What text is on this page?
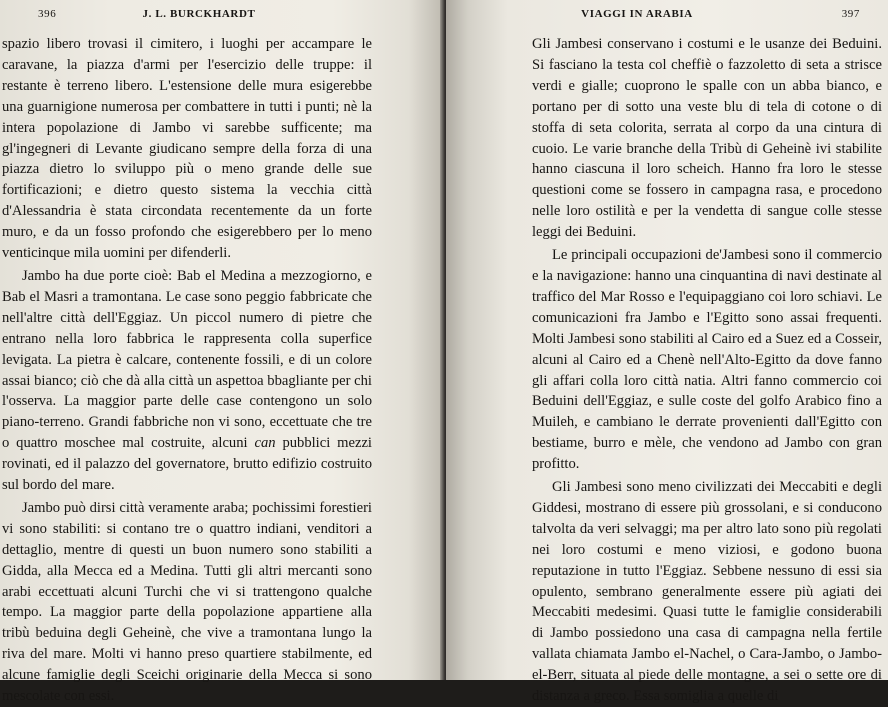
396	J. L. BURCKHARDT

spazio libero trovasi il cimitero, i luoghi per accampare le caravane, la piazza d'armi per l'esercizio delle truppe: il restante è terreno libero. L'estensione delle mura esigerebbe una guarnigione numerosa per combattere in tutti i punti; nè la intera popolazione di Jambo vi sarebbe sufficente; ma gl'ingegneri di Levante giudicano sempre della forza di una piazza dietro lo sviluppo più o meno grande delle sue fortificazioni; e dietro questo sistema la vecchia città d'Alessandria è stata circondata recentemente da un forte muro, e da un fosso profondo che esigerebbero per lo meno venticinque mila uomini per difenderli.

Jambo ha due porte cioè: Bab el Medina a mezzogiorno, e Bab el Masri a tramontana. Le case sono peggio fabbricate che nell'altre città dell'Eggiaz. Un piccol numero di pietre che entrano nella loro fabbrica le rappresenta colla superfice levigata. La pietra è calcare, contenente fossili, e di un colore assai bianco; ciò che dà alla città un aspettoa bbagliante per chi l'osserva. La maggior parte delle case contengono un solo piano-terreno. Grandi fabbriche non vi sono, eccettuate che tre o quattro moschee mal costruite, alcuni can pubblici mezzi rovinati, ed il palazzo del governatore, brutto edifizio costruito sul bordo del mare.

Jambo può dirsi città veramente araba; pochissimi forestieri vi sono stabiliti: si contano tre o quattro indiani, venditori a dettaglio, mentre di questi un buon numero sono stabiliti a Gidda, alla Mecca ed a Medina. Tutti gli altri mercanti sono arabi eccettuati alcuni Turchi che vi si trattengono qualche tempo. La maggior parte della popolazione appartiene alla tribù beduina degli Geheinè, che vive a tramontana lungo la riva del mare. Molti vi hanno preso quartiere stabilmente, ed alcune famiglie degli Sceichi originarie della Mecca si sono mescolate con essi.

VIAGGI IN ARABIA	397

Gli Jambesi conservano i costumi e le usanze dei Beduini. Si fasciano la testa col cheffiè o fazzoletto di seta a strisce verdi e gialle; cuoprono le spalle con un abba bianco, e portano per di sotto una veste blu di tela di cotone o di stoffa di seta colorita, serrata al corpo da una cintura di cuoio. Le varie branche della Tribù di Geheinè ivi stabilite hanno ciascuna il loro scheich. Hanno fra loro le stesse questioni come se fossero in campagna rasa, e procedono nelle loro ostilità e per la vendetta di sangue colle stesse leggi dei Beduini.

Le principali occupazioni de'Jambesi sono il commercio e la navigazione: hanno una cinquantina di navi destinate al traffico del Mar Rosso e l'equipaggiano coi loro schiavi. Le comunicazioni fra Jambo e l'Egitto sono assai frequenti. Molti Jambesi sono stabiliti al Cairo ed a Suez ed a Cosseir, alcuni al Cairo ed a Chenè nell'Alto-Egitto da dove fanno gli affari colla loro città natia. Altri fanno commercio coi Beduini dell'Eggiaz, e sulle coste del golfo Arabico fino a Muileh, e cambiano le derrate provenienti dall'Egitto con bestiame, burro e mèle, che vendono ad Jambo con gran profitto.

Gli Jambesi sono meno civilizzati dei Meccabiti e degli Giddesi, mostrano di essere più grossolani, e si conducono talvolta da veri selvaggi; ma per altro lato sono più regolati nei loro costumi e meno viziosi, e godono buona reputazione in tutto l'Eggiaz. Sebbene nessuno di essi sia opulento, sembrano generalmente essere più agiati dei Meccabiti medesimi. Quasi tutte le famiglie considerabili di Jambo possiedono una casa di campagna nella fertile vallata chiamata Jambo el-Nachel, o Cara-Jambo, o Jambo-el-Berr, situata al piede delle montagne, a sei o sette ore di distanza a greco. Essa somiglia a quelle di
